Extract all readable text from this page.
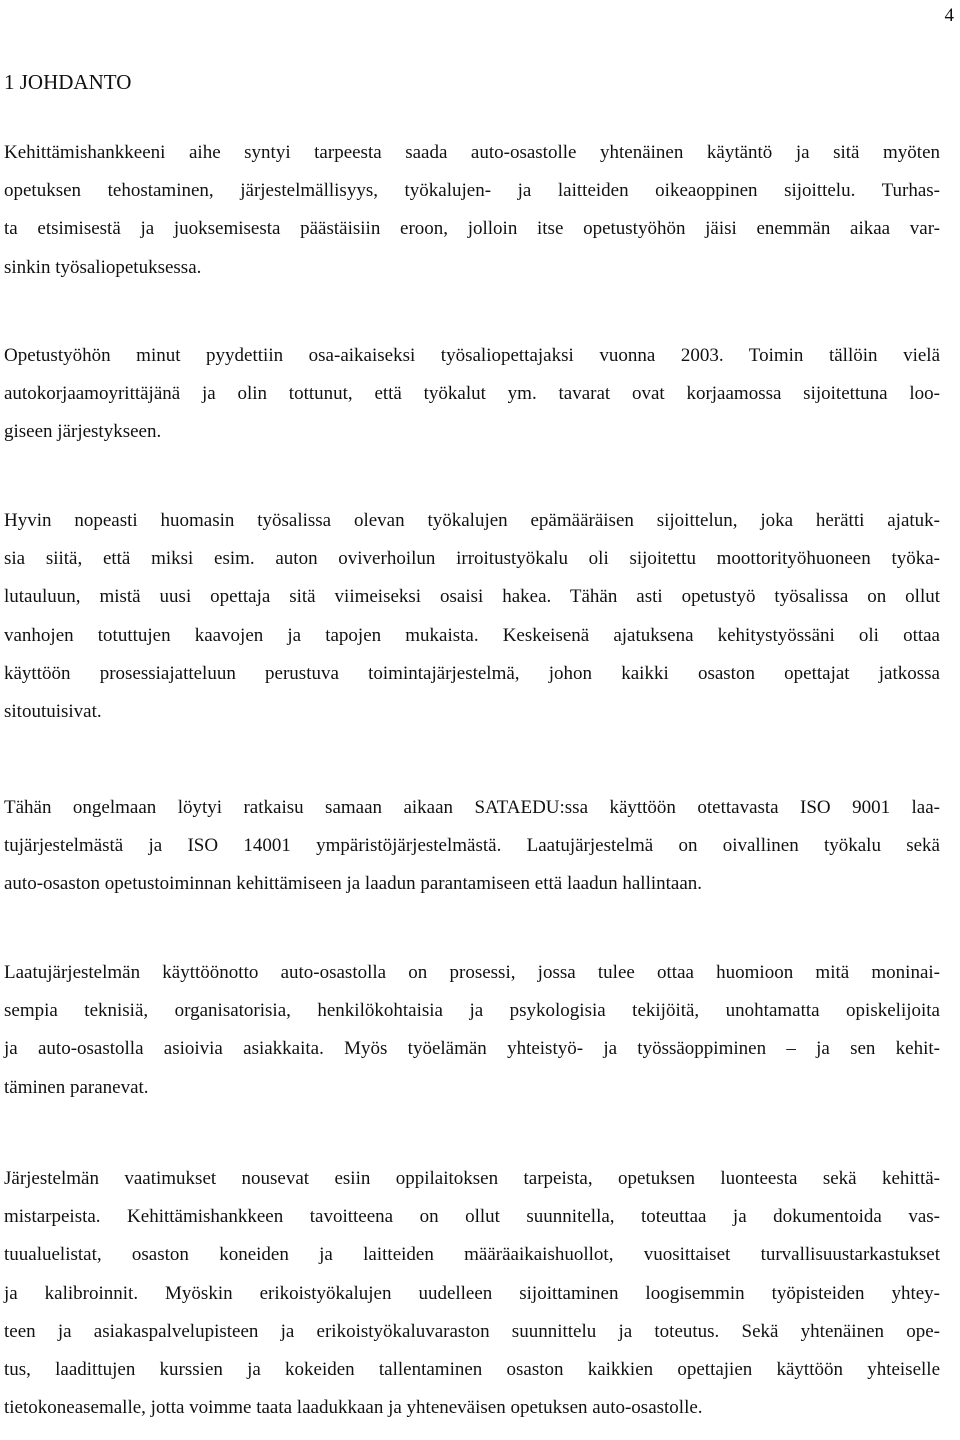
4
1 JOHDANTO
Kehittämishankkeeni aihe syntyi tarpeesta saada auto-osastolle yhtenäinen käytäntö ja sitä myöten
opetuksen tehostaminen, järjestelmällisyys, työkalujen- ja laitteiden oikeaoppinen sijoittelu. Turhas-
ta etsimisestä ja juoksemisesta päästäisiin eroon, jolloin itse opetustyöhön jäisi enemmän aikaa var-
sinkin työsaliopetuksessa.
Opetustyöhön minut pyydettiin osa-aikaiseksi työsaliopettajaksi vuonna 2003. Toimin tällöin vielä
autokorjaamoyrittäjänä ja olin tottunut, että työkalut ym. tavarat ovat korjaamossa sijoitettuna loo-
giseen järjestykseen.
Hyvin nopeasti huomasin työsalissa olevan työkalujen epämääräisen sijoittelun, joka herätti ajatuk-
sia siitä, että miksi esim. auton oviverhoilun irroitustyökalu oli sijoitettu moottorityöhuoneen työka-
lutauluun, mistä uusi opettaja sitä viimeiseksi osaisi hakea. Tähän asti opetustyö työsalissa on ollut
vanhojen totuttujen kaavojen ja tapojen mukaista. Keskeisenä ajatuksena kehitystyössäni oli ottaa
käyttöön prosessiajatteluun perustuva toimintajärjestelmä, johon kaikki osaston opettajat jatkossa
sitoutuisivat.
Tähän ongelmaan löytyi ratkaisu samaan aikaan SATAEDU:ssa käyttöön otettavasta ISO 9001 laa-
tujärjestelmästä ja ISO 14001 ympäristöjärjestelmästä. Laatujärjestelmä on oivallinen työkalu sekä
auto-osaston opetustoiminnan kehittämiseen ja laadun parantamiseen että laadun hallintaan.
Laatujärjestelmän käyttöönotto auto-osastolla on prosessi, jossa tulee ottaa huomioon mitä moninai-
sempia teknisiä, organisatorisia, henkilökohtaisia ja psykologisia tekijöitä, unohtamatta opiskelijoita
ja auto-osastolla asioivia asiakkaita. Myös työelämän yhteistyö- ja työssäoppiminen – ja sen kehit-
täminen paranevat.
Järjestelmän vaatimukset nousevat esiin oppilaitoksen tarpeista, opetuksen luonteesta sekä kehittä-
mistarpeista. Kehittämishankkeen tavoitteena on ollut suunnitella, toteuttaa ja dokumentoida vas-
tuualuelistat, osaston koneiden ja laitteiden määräaikaishuollot, vuosittaiset turvallisuustarkastukset
ja kalibroinnit. Myöskin erikoistyökalujen uudelleen sijoittaminen loogisemmin työpisteiden yhtey-
teen ja asiakaspalvelupisteen ja erikoistyökaluvaraston suunnittelu ja toteutus. Sekä yhtenäinen ope-
tus, laadittujen kurssien ja kokeiden tallentaminen osaston kaikkien opettajien käyttöön yhteiselle
tietokoneasemalle, jotta voimme taata laadukkaan ja yhteneväisen opetuksen auto-osastolle.
